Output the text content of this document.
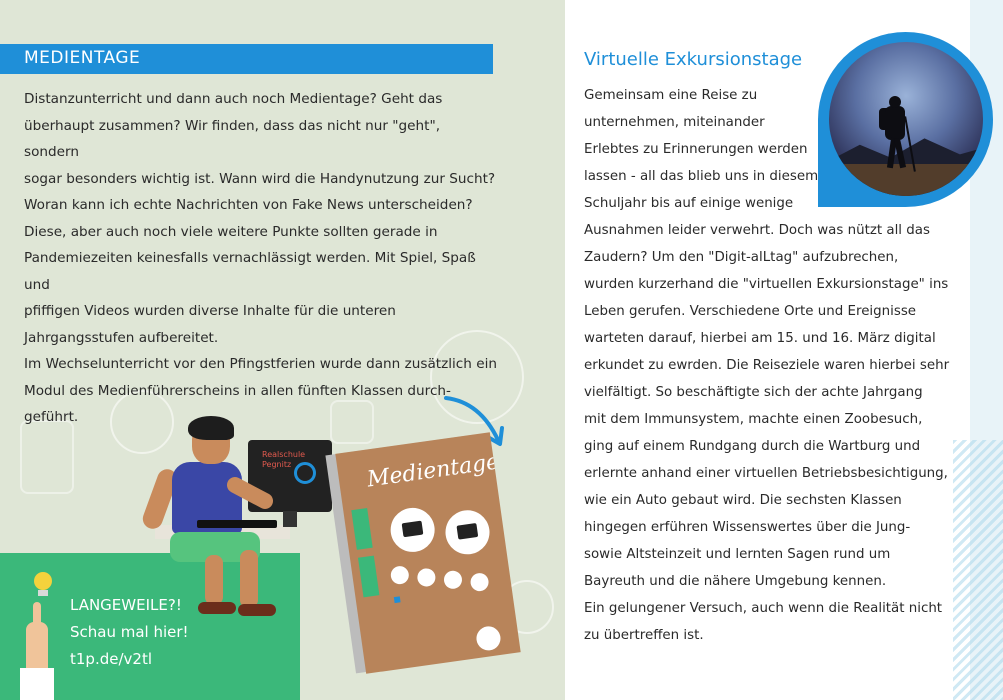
MEDIENTAGE

Distanzunterricht und dann auch noch Medientage? Geht das

überhaupt zusammen? Wir finden, dass das nicht nur "geht", sondern

sogar besonders wichtig ist. Wann wird die Handynutzung zur Sucht?

Woran kann ich echte Nachrichten von Fake News unterscheiden?

Diese, aber auch noch viele weitere Punkte sollten gerade in

Pandemiezeiten keinesfalls vernachlässigt werden. Mit Spiel, Spaß und

pfiffigen Videos wurden diverse Inhalte für die unteren

Jahrgangsstufen aufbereitet.

Im Wechselunterricht vor den Pfingstferien wurde dann zusätzlich ein

Modul des Medienführerscheins in allen fünften Klassen durch-

geführt.

Realschule
Pegnitz
LANGEWEILE?!
Schau mal hier!
t1p.de/v2tl
Medientage
Virtuelle Exkursionstage
Gemeinsam eine Reise zu
unternehmen, miteinander
Erlebtes zu Erinnerungen werden
lassen - all das blieb uns in diesem
Schuljahr bis auf einige wenige
Ausnahmen leider verwehrt. Doch was nützt all das
Zaudern? Um den "Digit-alLtag" aufzubrechen,
wurden kurzerhand die "virtuellen Exkursionstage" ins
Leben gerufen. Verschiedene Orte und Ereignisse
warteten darauf, hierbei am 15. und 16. März digital
erkundet zu ewrden. Die Reiseziele waren hierbei sehr
vielfältigt. So beschäftigte sich der achte Jahrgang
mit dem Immunsystem, machte einen Zoobesuch,
ging auf einem Rundgang durch die Wartburg und
erlernte anhand einer virtuellen Betriebsbesichtigung,
wie ein Auto gebaut wird. Die sechsten Klassen
hingegen erführen Wissenswertes über die Jung-
sowie Altsteinzeit und lernten Sagen rund um
Bayreuth und die nähere Umgebung kennen.
Ein gelungener Versuch, auch wenn die Realität nicht
zu übertreffen ist.
